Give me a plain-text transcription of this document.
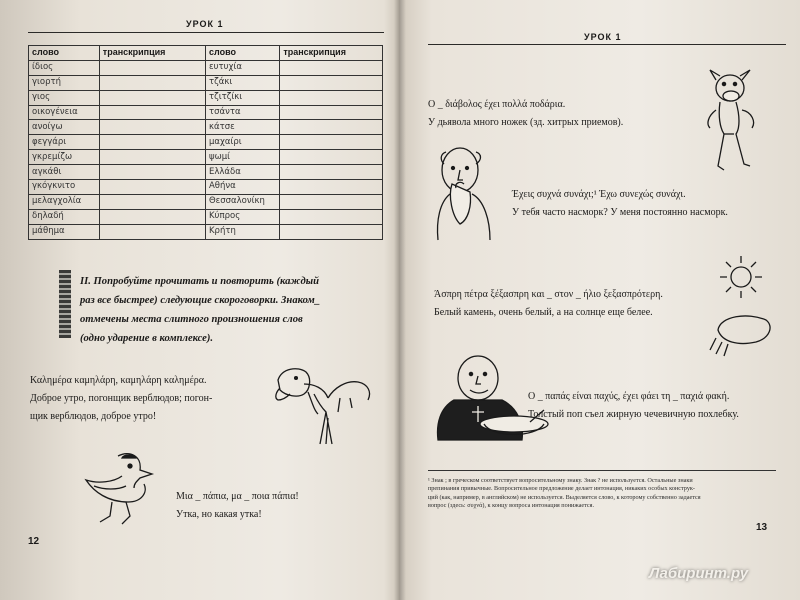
УРОК 1
слово	транскрипция	слово	транскрипция
ίδιος		ευτυχία	
γιορτή		τζάκι	
γιος		τζιτζίκι	
οικογένεια		τσάντα	
ανοίγω		κάτσε	
φεγγάρι		μαχαίρι	
γκρεμίζω		ψωμί	
αγκάθι		Ελλάδα	
γκόγκνιτο		Αθήνα	
μελαγχολία		Θεσσαλονίκη	
δηλαδή		Κύπρος	
μάθημα		Κρήτη	
II. Попробуйте прочитать и повторить (каждый
раз все быстрее) следующие скороговорки. Знаком_
отмечены места слитного произношения слов
(одно ударение в комплексе).
Καλημέρα καμηλάρη, καμηλάρη καλημέρα.
Доброе утро, погонщик верблюдов; погон-
щик верблюдов, доброе утро!
Μια _ πάπια, μα _ ποια πάπια!
Утка, но какая утка!
12
УРОК 1
Ο _ διάβολος έχει πολλά ποδάρια.
У дьявола много ножек (зд. хитрых приемов).
Έχεις συχνά συνάχι;¹ Έχω συνεχώς συνάχι.
У тебя часто насморк? У меня постоянно насморк.
Άσπρη πέτρα ξέξασπρη και _ στον _ ήλιο ξεξασπρότερη.
Белый камень, очень белый, а на солнце еще белее.
Ο _ παπάς είναι παχύς, έχει φάει τη _ παχιά φακή.
Толстый поп съел жирную чечевичную похлебку.
¹ Знак ; в греческом соответствует вопросительному знаку. Знак ? не используется. Остальные знаки
препинания привычные. Вопросительное предложение делает интонация, никаких особых конструк-
ций (как, например, в английском) не используется. Выделяется слово, к которому собственно задается
вопрос (здесь: συχνά), к концу вопроса интонация понижается.
13
Лабиринт.ру
